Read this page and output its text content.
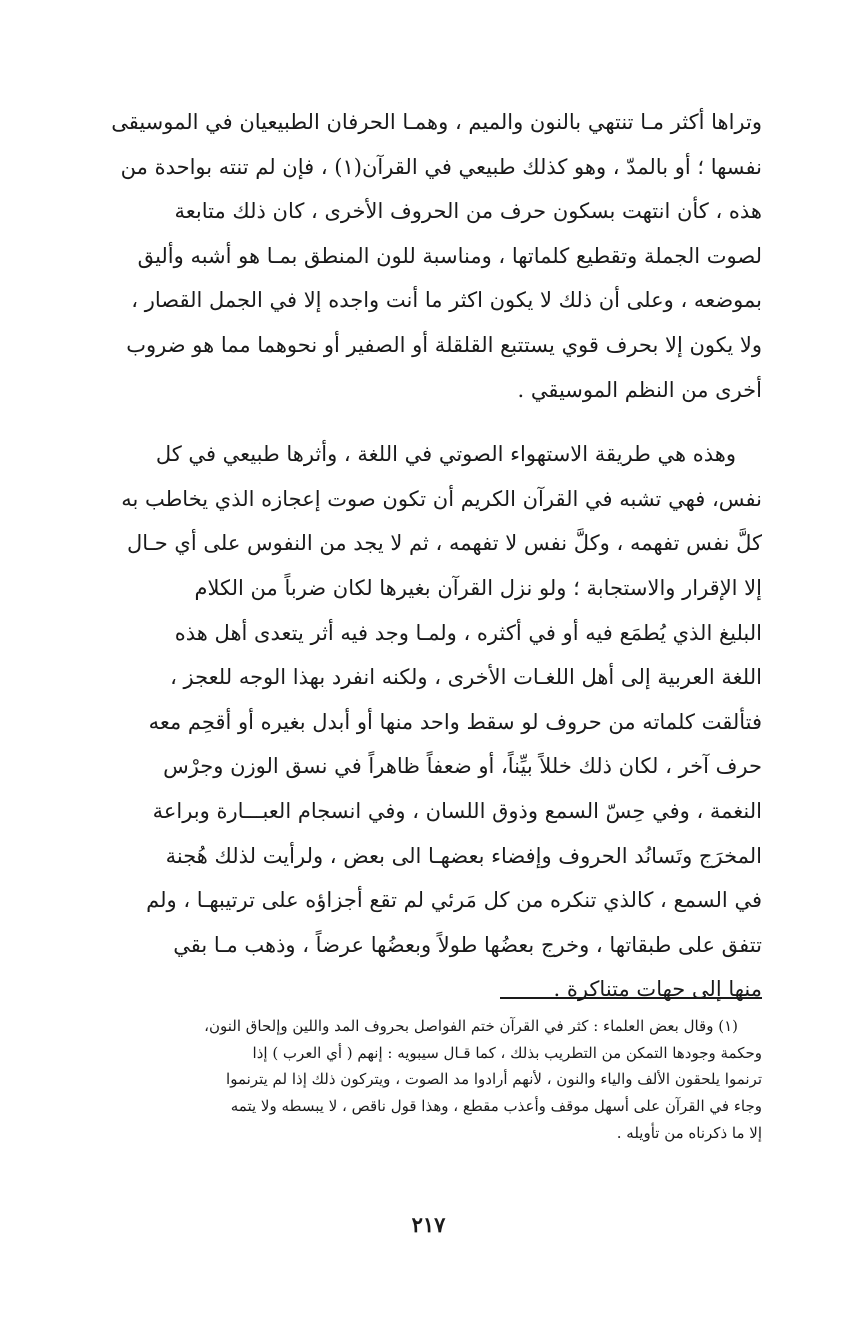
وتراها أكثر مـا تنتهي بالنون والميم ، وهمـا الحرفان الطبيعيان في الموسيقى
نفسها ؛ أو بالمدّ ، وهو كذلك طبيعي في القرآن(١) ، فإن لم تنته بواحدة من
هذه ، كأن انتهت بسكون حرف من الحروف الأخرى ، كان ذلك متابعة
لصوت الجملة وتقطيع كلماتها ، ومناسبة للون المنطق بمـا هو أشبه وأليق
بموضعه ، وعلى أن ذلك لا يكون اكثر ما أنت واجده إلا في الجمل القصار ،
ولا يكون إلا بحرف قوي يستتبع القلقلة أو الصفير أو نحوهما مما هو ضروب
أخرى من النظم الموسيقي .
وهذه هي طريقة الاستهواء الصوتي في اللغة ، وأثرها طبيعي في كل
نفس، فهي تشبه في القرآن الكريم أن تكون صوت إعجازه الذي يخاطب به
كلَّ نفس تفهمه ، وكلَّ نفس لا تفهمه ، ثم لا يجد من النفوس على أي حـال
إلا الإقرار والاستجابة ؛ ولو نزل القرآن بغيرها لكان ضرباً من الكلام
البليغ الذي يُطمَع فيه أو في أكثره ، ولمـا وجد فيه أثر يتعدى أهل هذه
اللغة العربية إلى أهل اللغـات الأخرى ، ولكنه انفرد بهذا الوجه للعجز ،
فتألقت كلماته من حروف لو سقط واحد منها أو أبدل بغيره أو أقحِم معه
حرف آخر ، لكان ذلك خللاً بيِّناً، أو ضعفاً ظاهراً في نسق الوزن وجرْس
النغمة ، وفي حِسّ السمع وذوق اللسان ، وفي انسجام العبـــارة وبراعة
المخرَج وتَسانُد الحروف وإفضاء بعضهـا الى بعض ، ولرأيت لذلك هُجنة
في السمع ، كالذي تنكره من كل مَرئي لم تقع أجزاؤه على ترتيبهـا ، ولم
تتفق على طبقاتها ، وخرج بعضُها طولاً وبعضُها عرضاً ، وذهب مـا بقي
منها إلى جهات متناكرة .
(١) وقال بعض العلماء : كثر في القرآن ختم الفواصل بحروف المد واللين وإلحاق النون،
وحكمة وجودها التمكن من التطريب بذلك ، كما قـال سيبويه : إنهم ( أي العرب ) إذا
ترنموا يلحقون الألف والياء والنون ، لأنهم أرادوا مد الصوت ، ويتركون ذلك إذا لم يترنموا
وجاء في القرآن على أسهل موقف وأعذب مقطع ، وهذا قول ناقص ، لا يبسطه ولا يتمه
إلا ما ذكرناه من تأويله .
٢١٧
